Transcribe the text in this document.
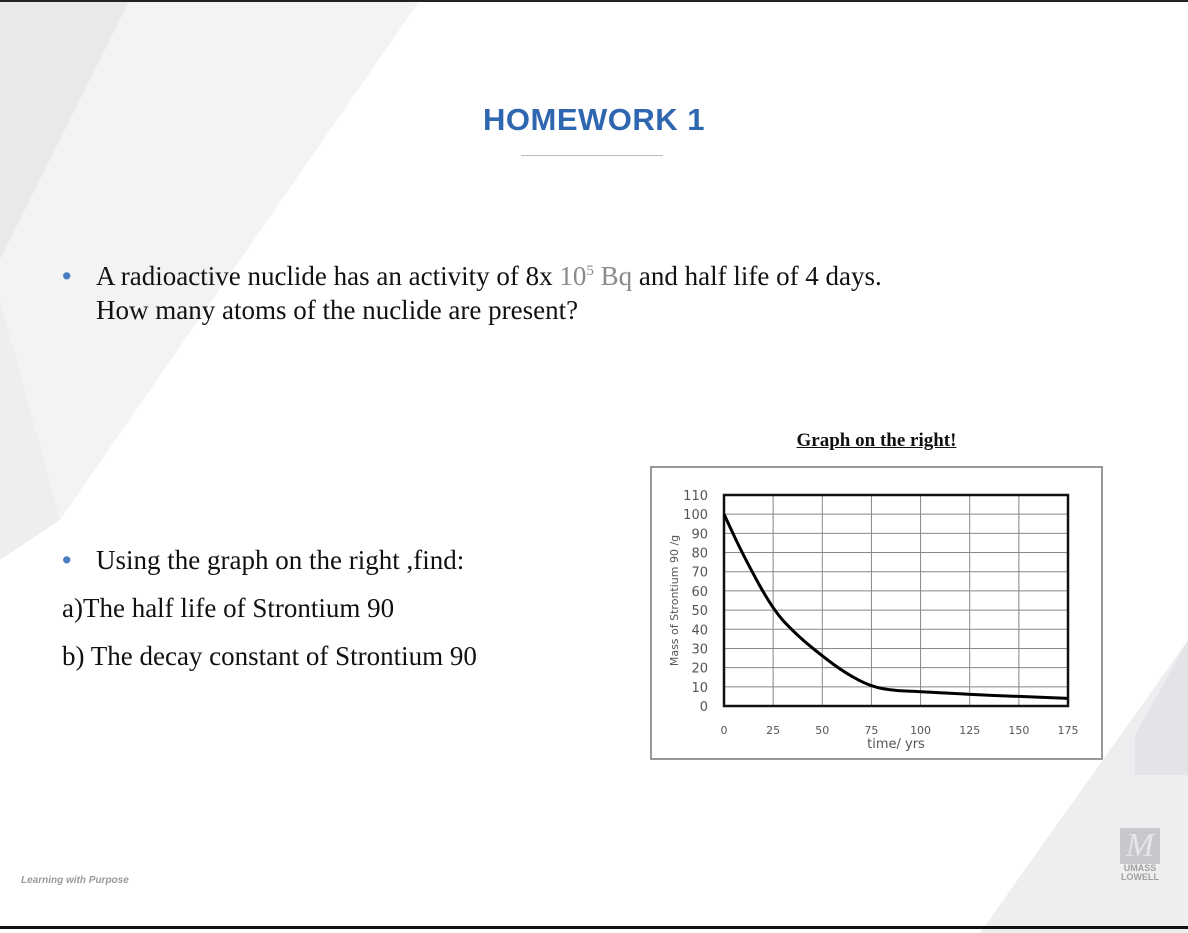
HOMEWORK 1
• A radioactive nuclide has an activity of 8x $10^5$ Bq and half life of 4 days.
How many atoms of the nuclide are present?
• Using the graph on the right ,find:
a)The half life of Strontium 90
b) The decay constant of Strontium 90
Graph on the right!
0
10
20
30
40
50
60
70
80
90
100
110
0	25	50	75	100	125	150	175
time/ yrs
Mass of Strontium 90 /g
Learning with Purpose
M
UMASS
LOWELL
